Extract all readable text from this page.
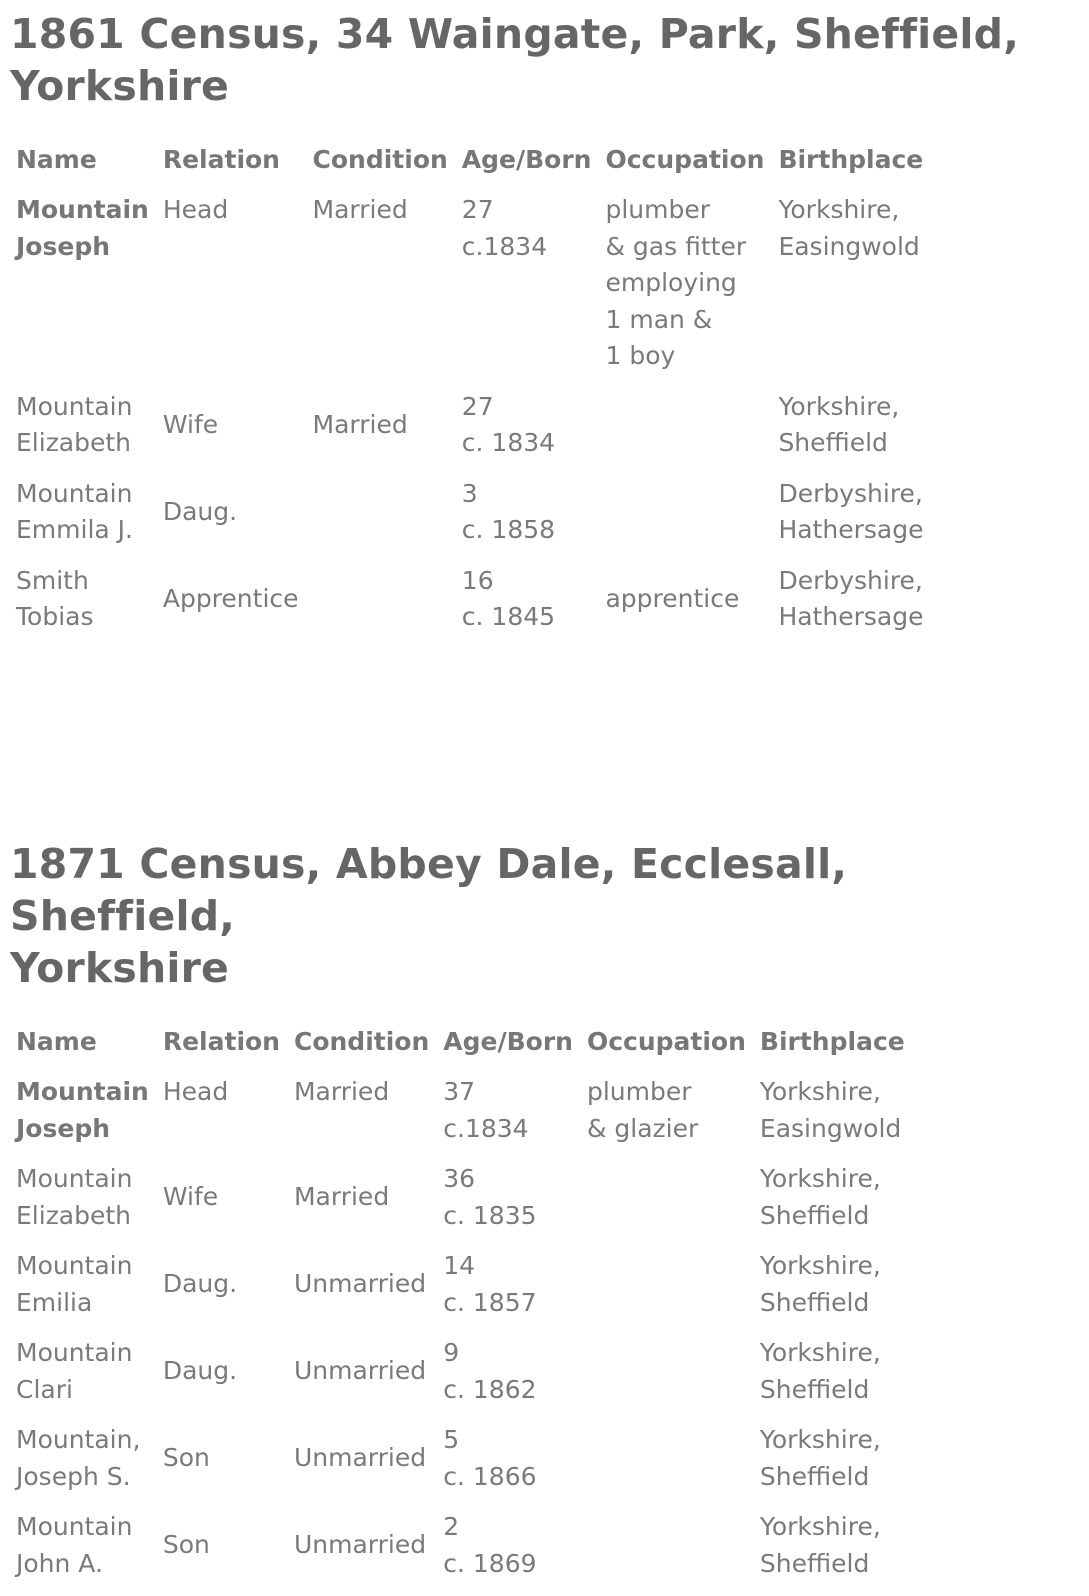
1861 Census, 34 Waingate, Park, Sheffield,
Yorkshire
Name	Relation	Condition	Age/Born	Occupation	Birthplace

Mountain
Joseph	Head	Married	27
c.1834	plumber
& gas fitter
employing
1 man &
1 boy	Yorkshire,
Easingwold

Mountain
Elizabeth	Wife	Married	27
c. 1834		Yorkshire,
Sheffield

Mountain
Emmila J.	Daug.		3
c. 1858		Derbyshire,
Hathersage

Smith
Tobias	Apprentice		16
c. 1845	apprentice	Derbyshire,
Hathersage
1871 Census, Abbey Dale, Ecclesall, Sheffield,
Yorkshire
Name	Relation	Condition	Age/Born	Occupation	Birthplace

Mountain
Joseph	Head	Married	37
c.1834	plumber
& glazier	Yorkshire,
Easingwold

Mountain
Elizabeth	Wife	Married	36
c. 1835		Yorkshire,
Sheffield

Mountain
Emilia	Daug.	Unmarried	14
c. 1857		Yorkshire,
Sheffield

Mountain
Clari	Daug.	Unmarried	9
c. 1862		Yorkshire,
Sheffield

Mountain,
Joseph S.	Son	Unmarried	5
c. 1866		Yorkshire,
Sheffield

Mountain
John A.	Son	Unmarried	2
c. 1869		Yorkshire,
Sheffield
